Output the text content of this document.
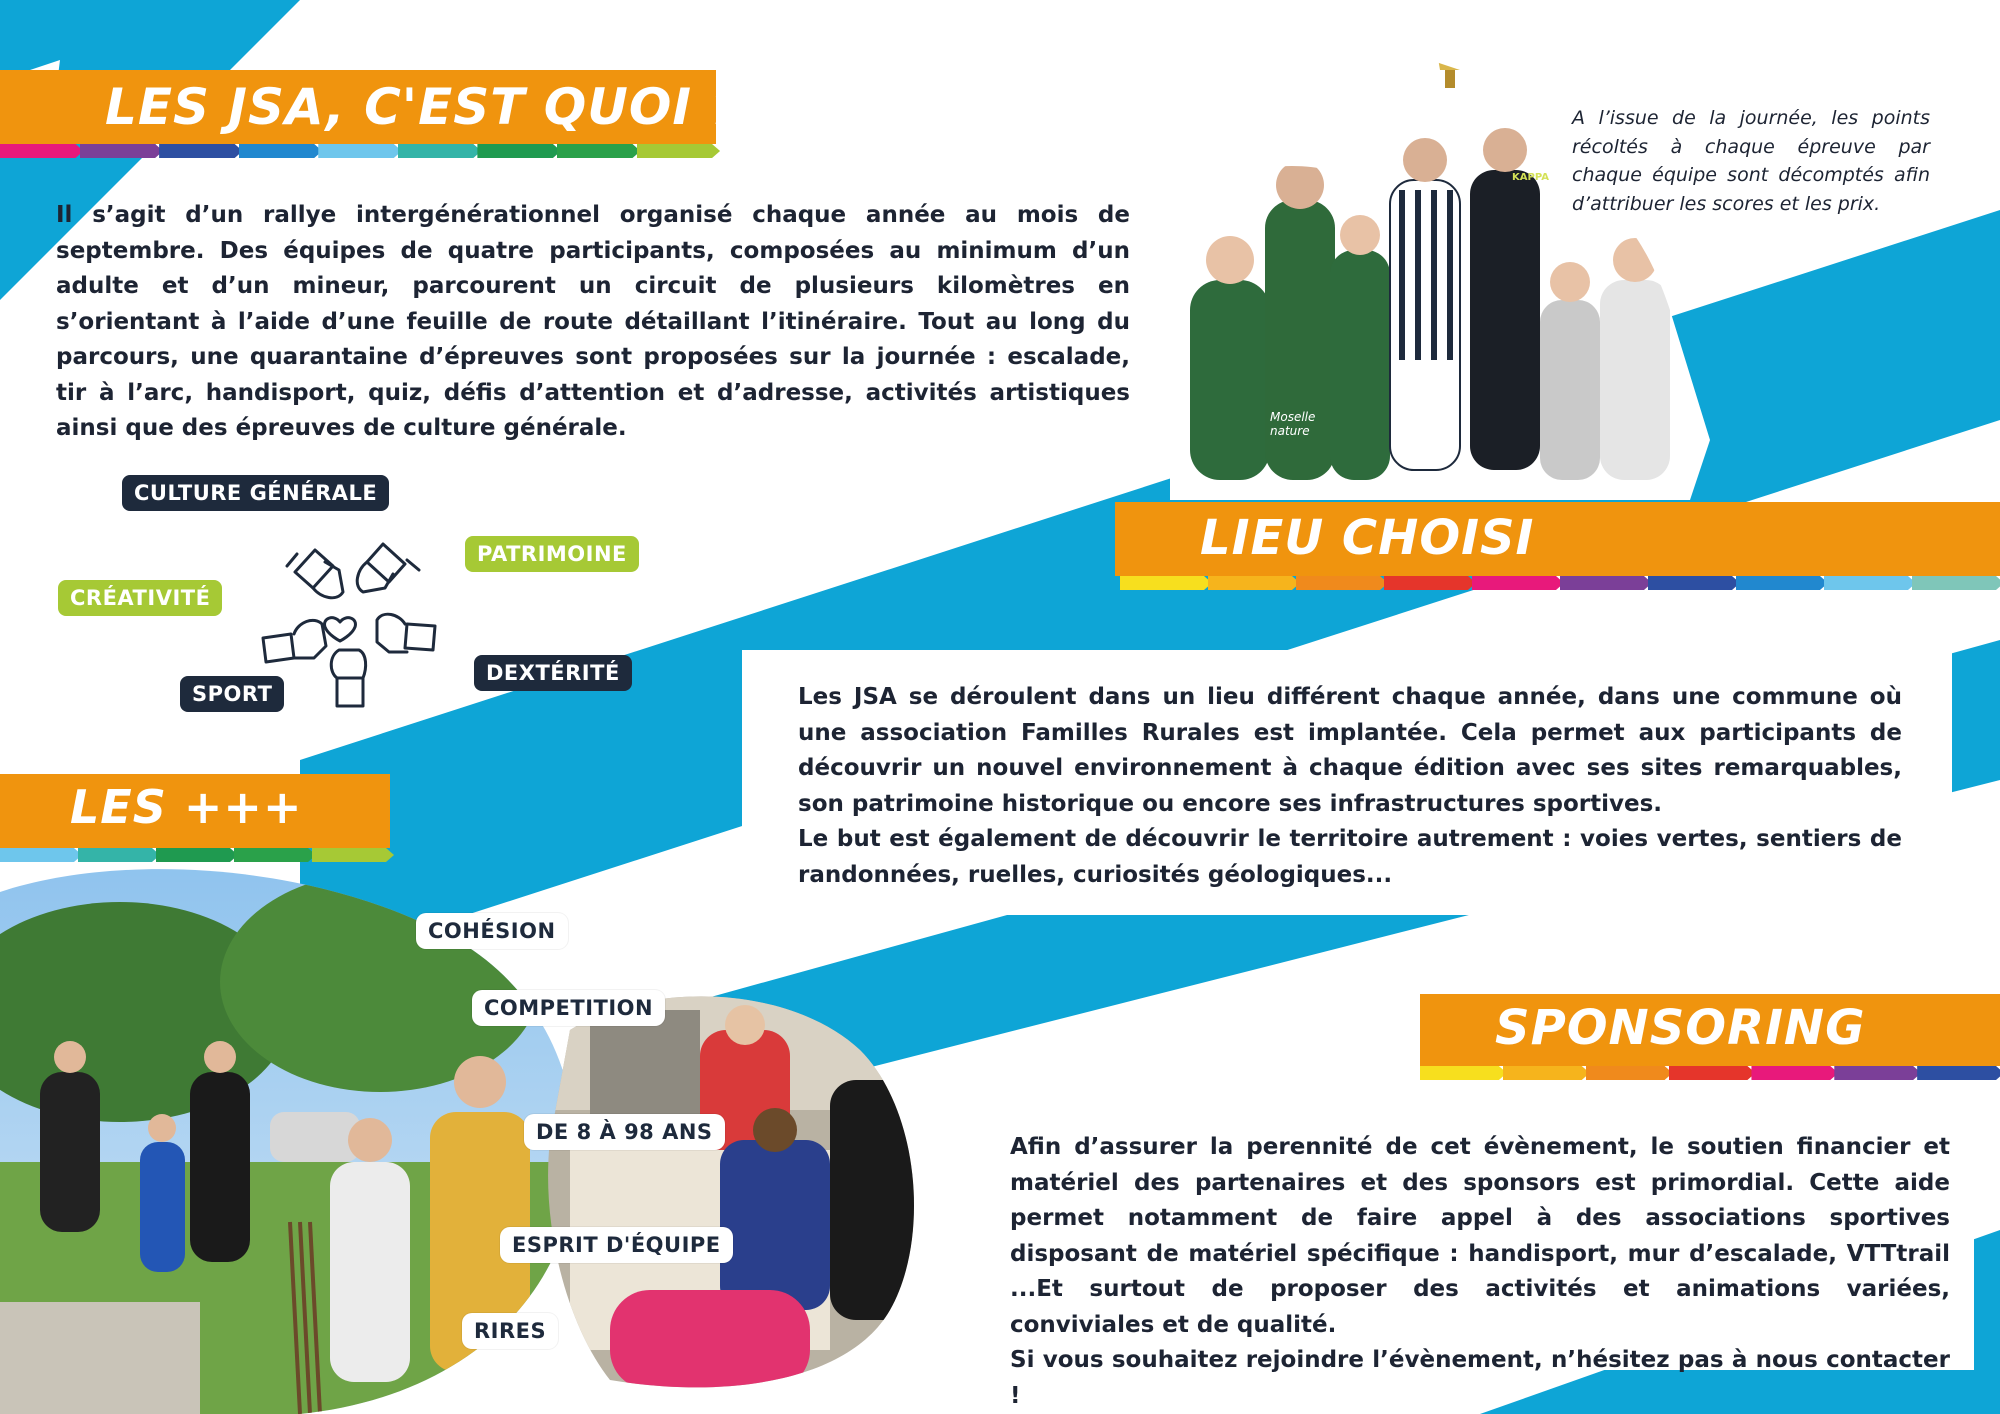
LES JSA, C'EST QUOI ?
Il s’agit d’un rallye intergénérationnel organisé chaque année au mois de septembre. Des équipes de quatre participants, composées au minimum d’un adulte et d’un mineur, parcourent un circuit de plusieurs kilomètres en s’orientant à l’aide d’une feuille de route détaillant l’itinéraire. Tout au long du parcours, une quarantaine d’épreuves sont proposées sur la journée : escalade, tir à l’arc, handisport, quiz, défis d’attention et d’adresse, activités artistiques ainsi que des épreuves de culture générale.
CULTURE GÉNÉRALE
PATRIMOINE
CRÉATIVITÉ
DEXTÉRITÉ
SPORT
KAPPA
Moselle nature
A l’issue de la journée, les points récoltés à chaque épreuve par chaque équipe sont décomptés afin d’attribuer les scores et les prix.
LIEU CHOISI

Les JSA se déroulent dans un lieu différent chaque année, dans une commune où une association Familles Rurales est implantée. Cela permet aux participants de découvrir un nouvel environnement à chaque édition avec ses sites remarquables, son patrimoine historique ou encore ses infrastructures sportives.

Le but est également de découvrir le territoire autrement : voies vertes, sentiers de randonnées, ruelles, curiosités géologiques...

LES +++
COHÉSION
COMPETITION
DE 8 À 98 ANS
ESPRIT D'ÉQUIPE
RIRES
SPONSORING

Afin d’assurer la perennité de cet évènement, le soutien financier et matériel des partenaires et des sponsors est primordial. Cette aide permet notamment de faire appel à des associations sportives disposant de matériel spécifique : handisport, mur d’escalade, VTTtrail ...Et surtout de proposer des activités et animations variées, conviviales et de qualité.

Si vous souhaitez rejoindre l’évènement, n’hésitez pas à nous contacter !
